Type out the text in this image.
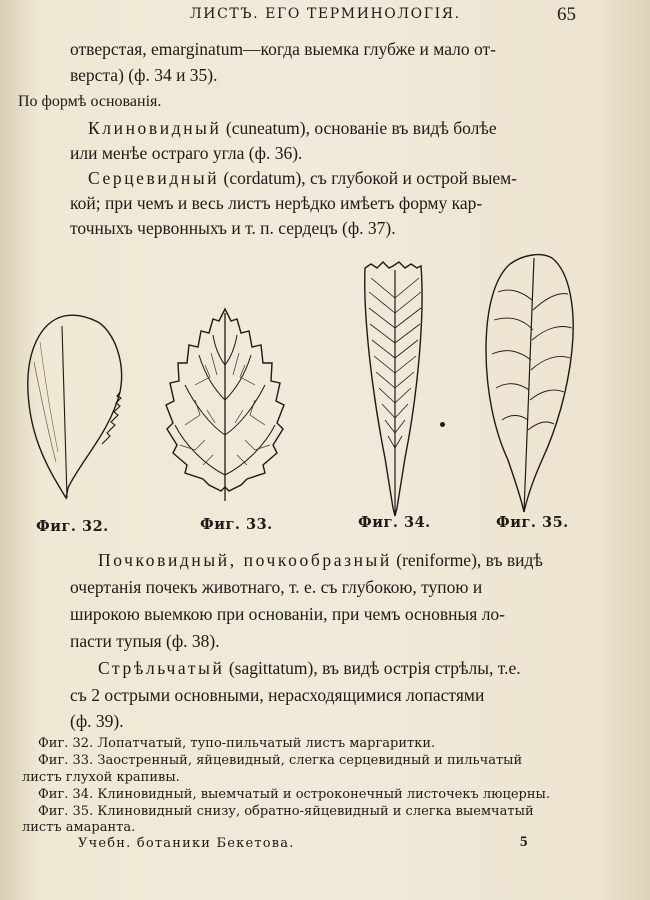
ЛИСТЪ. ЕГО ТЕРМИНОЛОГІЯ.	65
отверстая, emarginatum—когда выемка глубже и мало от-
верста) (ф. 34 и 35).
По формѣ основанія.
Клиновидный (cuneatum), основаніе въ видѣ болѣе
или менѣе остраго угла (ф. 36).
Серцевидный (cordatum), съ глубокой и острой выем-
кой; при чемъ и весь листъ нерѣдко имѣетъ форму кар-
точныхъ червонныхъ и т. п. сердецъ (ф. 37).
Фиг. 32.	Фиг. 33.	Фиг. 34.	Фиг. 35.
Почковидный, почкообразный (reniforme), въ видѣ
очертанія почекъ животнаго, т. е. съ глубокою, тупою и
широкою выемкою при основаніи, при чемъ основныя ло-
пасти тупыя (ф. 38).
Стрѣльчатый (sagittatum), въ видѣ острія стрѣлы, т.е.
съ 2 острыми основными, нерасходящимися лопастями
(ф. 39).
Фиг. 32. Лопатчатый, тупо-пильчатый листъ маргаритки.
Фиг. 33. Заостренный, яйцевидный, слегка серцевидный и пильчатый
листъ глухой крапивы.
Фиг. 34. Клиновидный, выемчатый и остроконечный листочекъ люцерны.
Фиг. 35. Клиновидный снизу, обратно-яйцевидный и слегка выемчатый
листъ амаранта.
Учебн. ботаники Бекетова.	5
